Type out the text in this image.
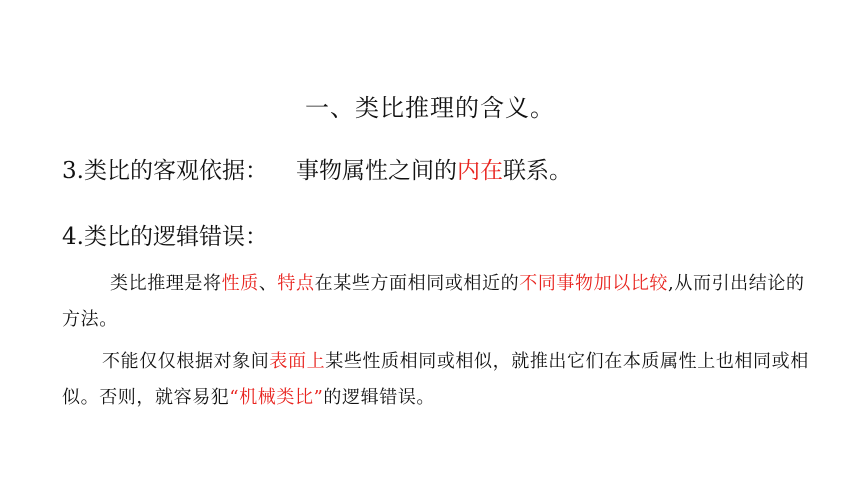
一、类比推理的含义。
3.类比的客观依据： 事物属性之间的内在联系。
4.类比的逻辑错误：
类比推理是将性质、特点在某些方面相同或相近的不同事物加以比较,从而引出结论的方法。
不能仅仅根据对象间表面上某些性质相同或相似，就推出它们在本质属性上也相同或相似。否则，就容易犯“机械类比”的逻辑错误。
